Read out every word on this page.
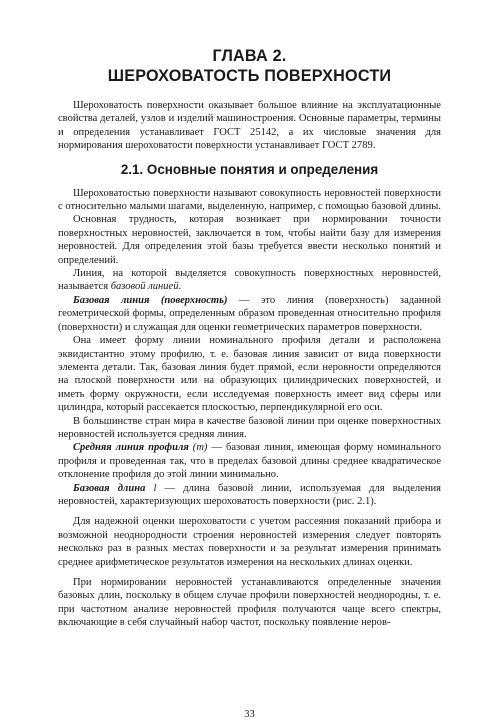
ГЛАВА 2.
ШЕРОХОВАТОСТЬ ПОВЕРХНОСТИ

Шероховатость поверхности оказывает большое влияние на эксплуатационные свойства деталей, узлов и изделий машиностроения. Основные параметры, термины и определения устанавливает ГОСТ 25142, а их числовые значения для нормирования шероховатости поверхности устанавливает ГОСТ 2789.

2.1. Основные понятия и определения

Шероховатостью поверхности называют совокупность неровностей поверхности с относительно малыми шагами, выделенную, например, с помощью базовой длины.

Основная трудность, которая возникает при нормировании точности поверхностных неровностей, заключается в том, чтобы найти базу для измерения неровностей. Для определения этой базы требуется ввести несколько понятий и определений.

Линия, на которой выделяется совокупность поверхностных неровностей, называется базовой линией.

Базовая линия (поверхность) — это линия (поверхность) заданной геометрической формы, определенным образом проведенная относительно профиля (поверхности) и служащая для оценки геометрических параметров поверхности.

Она имеет форму линии номинального профиля детали и расположена эквидистантно этому профилю, т. е. базовая линия зависит от вида поверхности элемента детали. Так, базовая линия будет прямой, если неровности определяются на плоской поверхности или на образующих цилиндрических поверхностей, и иметь форму окружности, если исследуемая поверхность имеет вид сферы или цилиндра, который рассекается плоскостью, перпендикулярной его оси.

В большинстве стран мира в качестве базовой линии при оценке поверхностных неровностей используется средняя линия.

Средняя линия профиля (m) — базовая линия, имеющая форму номинального профиля и проведенная так, что в пределах базовой длины среднее квадратическое отклонение профиля до этой линии минимально.

Базовая длина l — длина базовой линии, используемая для выделения неровностей, характеризующих шероховатость поверхности (рис. 2.1).

Для надежной оценки шероховатости с учетом рассеяния показаний прибора и возможной неоднородности строения неровностей измерения следует повторять несколько раз в разных местах поверхности и за результат измерения принимать среднее арифметическое результатов измерения на нескольких длинах оценки.

При нормировании неровностей устанавливаются определенные значения базовых длин, поскольку в общем случае профили поверхностей неоднородны, т. е. при частотном анализе неровностей профиля получаются чаще всего спектры, включающие в себя случайный набор частот, поскольку появление неров-

33
